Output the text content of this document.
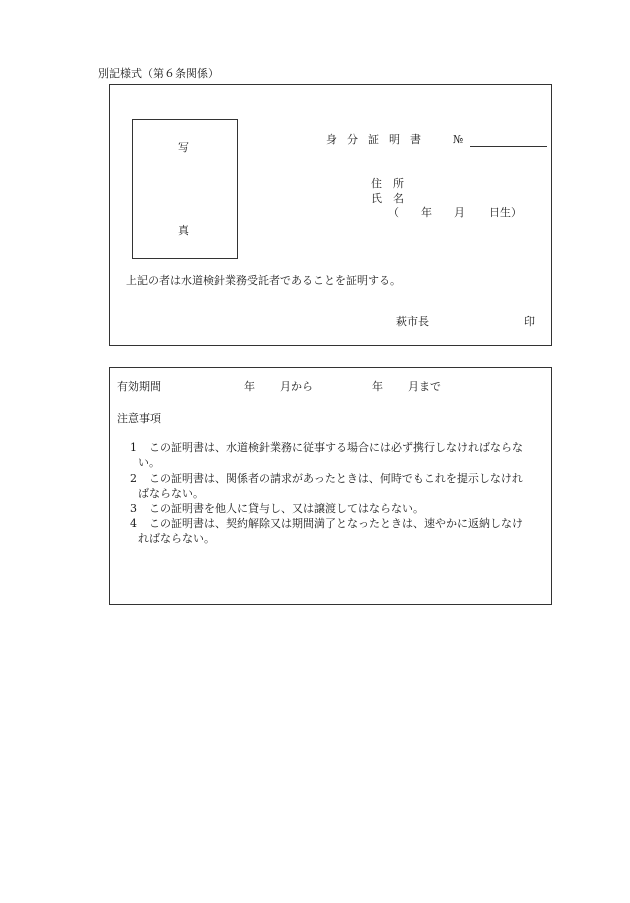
別記様式（第６条関係）
写
真
身分証明書 №
住　所
氏　名
（ 年 月 日生）
上記の者は水道検針業務受託者であることを証明する。
萩市長	印
有効期間	年 月から	年 月まで
注意事項
1 この証明書は、水道検針業務に従事する場合には必ず携行しなければならな
い。
2 この証明書は、関係者の請求があったときは、何時でもこれを提示しなけれ
ばならない。
3 この証明書を他人に貸与し、又は譲渡してはならない。
4 この証明書は、契約解除又は期間満了となったときは、速やかに返納しなけ
ればならない。
